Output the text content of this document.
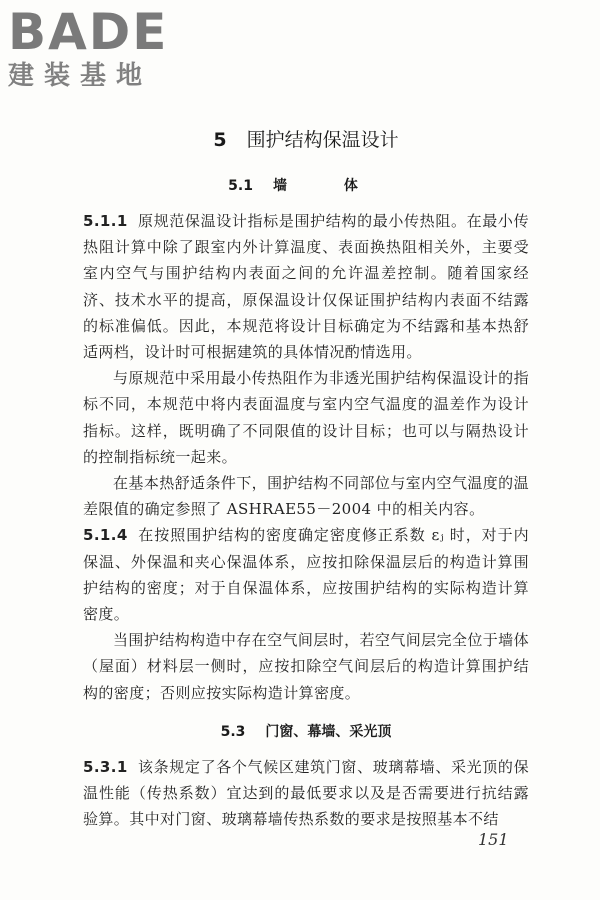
BADE
建装基地
5 围护结构保温设计
5.1 墙 体

5.1.1 原规范保温设计指标是围护结构的最小传热阻。在最小传热阻计算中除了跟室内外计算温度、表面换热阻相关外，主要受室内空气与围护结构内表面之间的允许温差控制。随着国家经济、技术水平的提高，原保温设计仅保证围护结构内表面不结露的标准偏低。因此，本规范将设计目标确定为不结露和基本热舒适两档，设计时可根据建筑的具体情况酌情选用。

与原规范中采用最小传热阻作为非透光围护结构保温设计的指标不同，本规范中将内表面温度与室内空气温度的温差作为设计指标。这样，既明确了不同限值的设计目标；也可以与隔热设计的控制指标统一起来。

在基本热舒适条件下，围护结构不同部位与室内空气温度的温差限值的确定参照了 ASHRAE55－2004 中的相关内容。

5.1.4 在按照围护结构的密度确定密度修正系数 εⱼ 时，对于内保温、外保温和夹心保温体系，应按扣除保温层后的构造计算围护结构的密度；对于自保温体系，应按围护结构的实际构造计算密度。

当围护结构构造中存在空气间层时，若空气间层完全位于墙体（屋面）材料层一侧时，应按扣除空气间层后的构造计算围护结构的密度；否则应按实际构造计算密度。

5.3 门窗、幕墙、采光顶

5.3.1 该条规定了各个气候区建筑门窗、玻璃幕墙、采光顶的保温性能（传热系数）宜达到的最低要求以及是否需要进行抗结露验算。其中对门窗、玻璃幕墙传热系数的要求是按照基本不结

151
